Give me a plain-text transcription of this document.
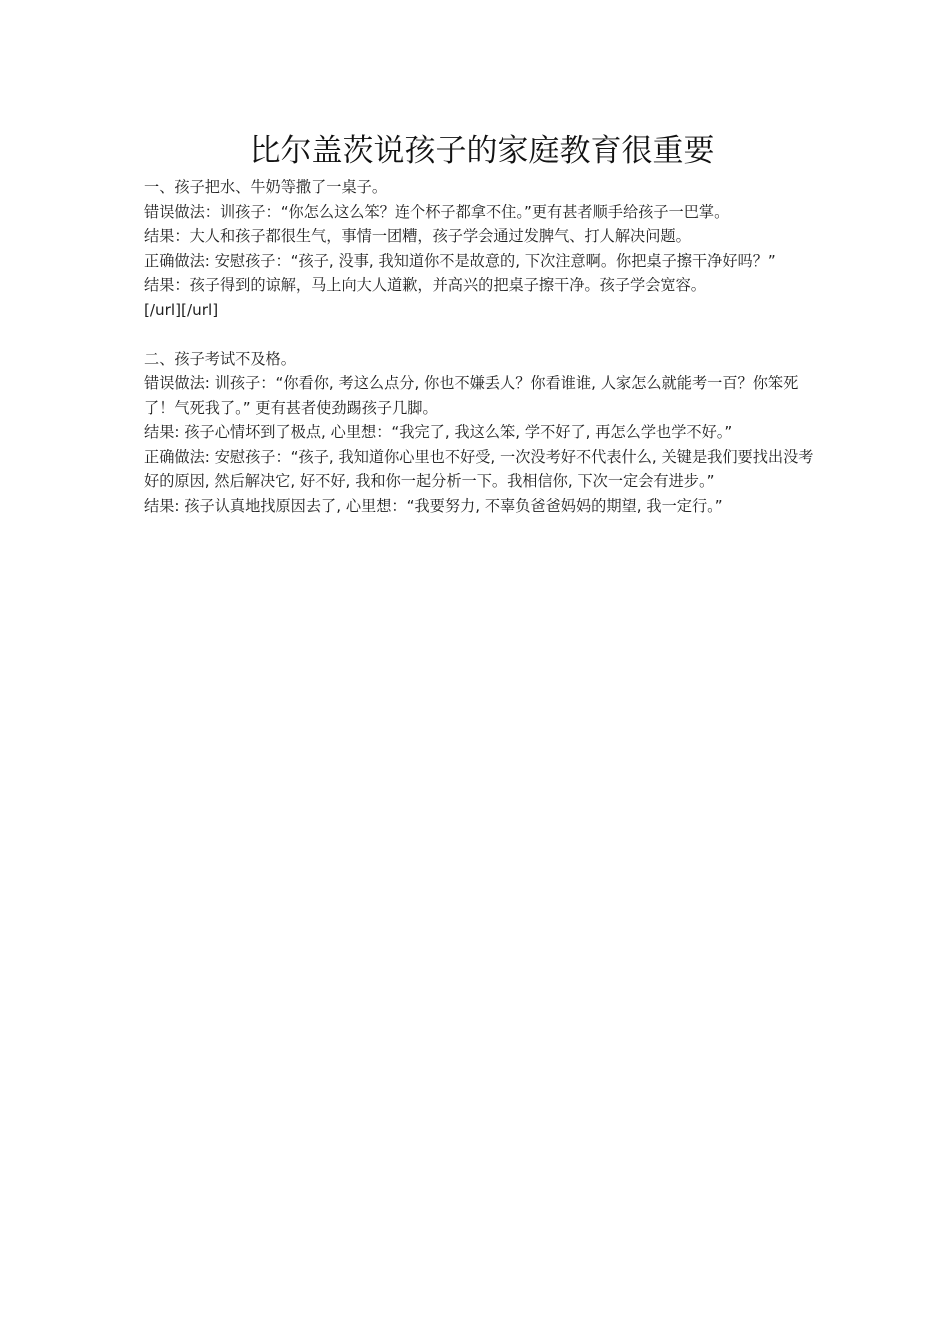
比尔盖茨说孩子的家庭教育很重要

一、孩子把水、牛奶等撒了一桌子。

错误做法：训孩子：“你怎么这么笨？连个杯子都拿不住。”更有甚者顺手给孩子一巴掌。

结果：大人和孩子都很生气，事情一团糟，孩子学会通过发脾气、打人解决问题。

正确做法: 安慰孩子：“孩子, 没事, 我知道你不是故意的, 下次注意啊。你把桌子擦干净好吗？”

结果：孩子得到的谅解，马上向大人道歉，并高兴的把桌子擦干净。孩子学会宽容。

[/url][/url]

二、孩子考试不及格。

错误做法: 训孩子：“你看你, 考这么点分, 你也不嫌丢人？你看谁谁, 人家怎么就能考一百？你笨死了！气死我了。” 更有甚者使劲踢孩子几脚。

结果: 孩子心情坏到了极点, 心里想：“我完了, 我这么笨, 学不好了, 再怎么学也学不好。”

正确做法: 安慰孩子：“孩子, 我知道你心里也不好受, 一次没考好不代表什么, 关键是我们要找出没考好的原因, 然后解决它, 好不好, 我和你一起分析一下。我相信你, 下次一定会有进步。”

结果: 孩子认真地找原因去了, 心里想：“我要努力, 不辜负爸爸妈妈的期望, 我一定行。”
